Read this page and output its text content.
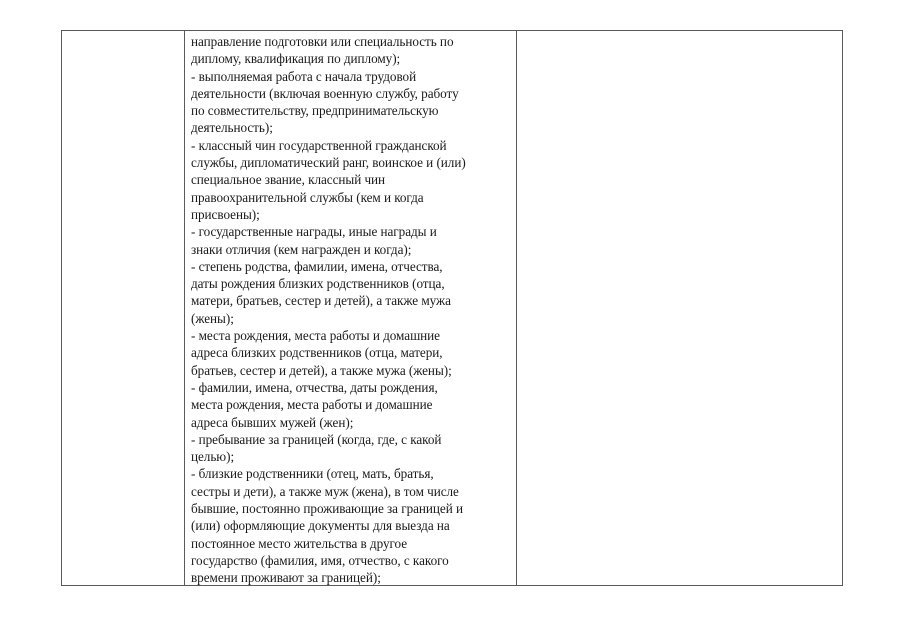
направление подготовки или специальность по
диплому, квалификация по диплому);
- выполняемая работа с начала трудовой
деятельности (включая военную службу, работу
по совместительству, предпринимательскую
деятельность);
- классный чин государственной гражданской
службы, дипломатический ранг, воинское и (или)
специальное звание, классный чин
правоохранительной службы (кем и когда
присвоены);
- государственные награды, иные награды и
знаки отличия (кем награжден и когда);
- степень родства, фамилии, имена, отчества,
даты рождения близких родственников (отца,
матери, братьев, сестер и детей), а также мужа
(жены);
- места рождения, места работы и домашние
адреса близких родственников (отца, матери,
братьев, сестер и детей), а также мужа (жены);
- фамилии, имена, отчества, даты рождения,
места рождения, места работы и домашние
адреса бывших мужей (жен);
- пребывание за границей (когда, где, с какой
целью);
- близкие родственники (отец, мать, братья,
сестры и дети), а также муж (жена), в том числе
бывшие, постоянно проживающие за границей и
(или) оформляющие документы для выезда на
постоянное место жительства в другое
государство (фамилия, имя, отчество, с какого
времени проживают за границей);
